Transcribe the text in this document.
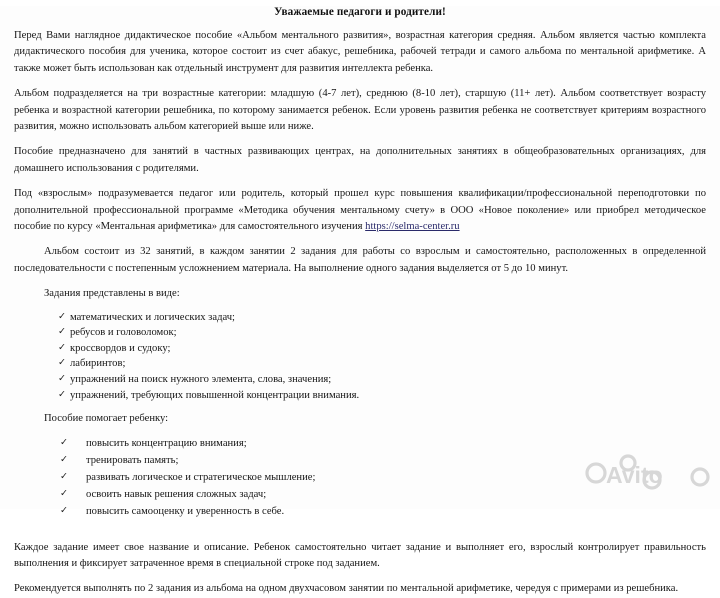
Уважаемые педагоги и родители!

Перед Вами наглядное дидактическое пособие «Альбом ментального развития», возрастная категория средняя. Альбом является частью комплекта дидактического пособия для ученика, которое состоит из счет абакус, решебника, рабочей тетради и самого альбома по ментальной арифметике. А также может быть использован как отдельный инструмент для развития интеллекта ребенка.

Альбом подразделяется на три возрастные категории: младшую (4-7 лет), среднюю (8-10 лет), старшую (11+ лет). Альбом соответствует возрасту ребенка и возрастной категории решебника, по которому занимается ребенок. Если уровень развития ребенка не соответствует критериям возрастного развития, можно использовать альбом категорией выше или ниже.

Пособие предназначено для занятий в частных развивающих центрах, на дополнительных занятиях в общеобразовательных организациях, для домашнего использования с родителями.

Под «взрослым» подразумевается педагог или родитель, который прошел курс повышения квалификации/профессиональной переподготовки по дополнительной профессиональной программе «Методика обучения ментальному счету» в ООО «Новое поколение» или приобрел методическое пособие по курсу «Ментальная арифметика» для самостоятельного изучения https://selma-center.ru

Альбом состоит из 32 занятий, в каждом занятии 2 задания для работы со взрослым и самостоятельно, расположенных в определенной последовательности с постепенным усложнением материала. На выполнение одного задания выделяется от 5 до 10 минут.

Задания представлены в виде:

✓ математических и логических задач;
✓ ребусов и головоломок;
✓ кроссвордов и судоку;
✓ лабиринтов;
✓ упражнений на поиск нужного элемента, слова, значения;
✓ упражнений, требующих повышенной концентрации внимания.

Пособие помогает ребенку:

✓ повысить концентрацию внимания;
✓ тренировать память;
✓ развивать логическое и стратегическое мышление;
✓ освоить навык решения сложных задач;
✓ повысить самооценку и уверенность в себе.

Каждое задание имеет свое название и описание. Ребенок самостоятельно читает задание и выполняет его, взрослый контролирует правильность выполнения и фиксирует затраченное время в специальной строке под заданием.

Рекомендуется выполнять по 2 задания из альбома на одном двухчасовом занятии по ментальной арифметике, чередуя с примерами из решебника.

Avito
